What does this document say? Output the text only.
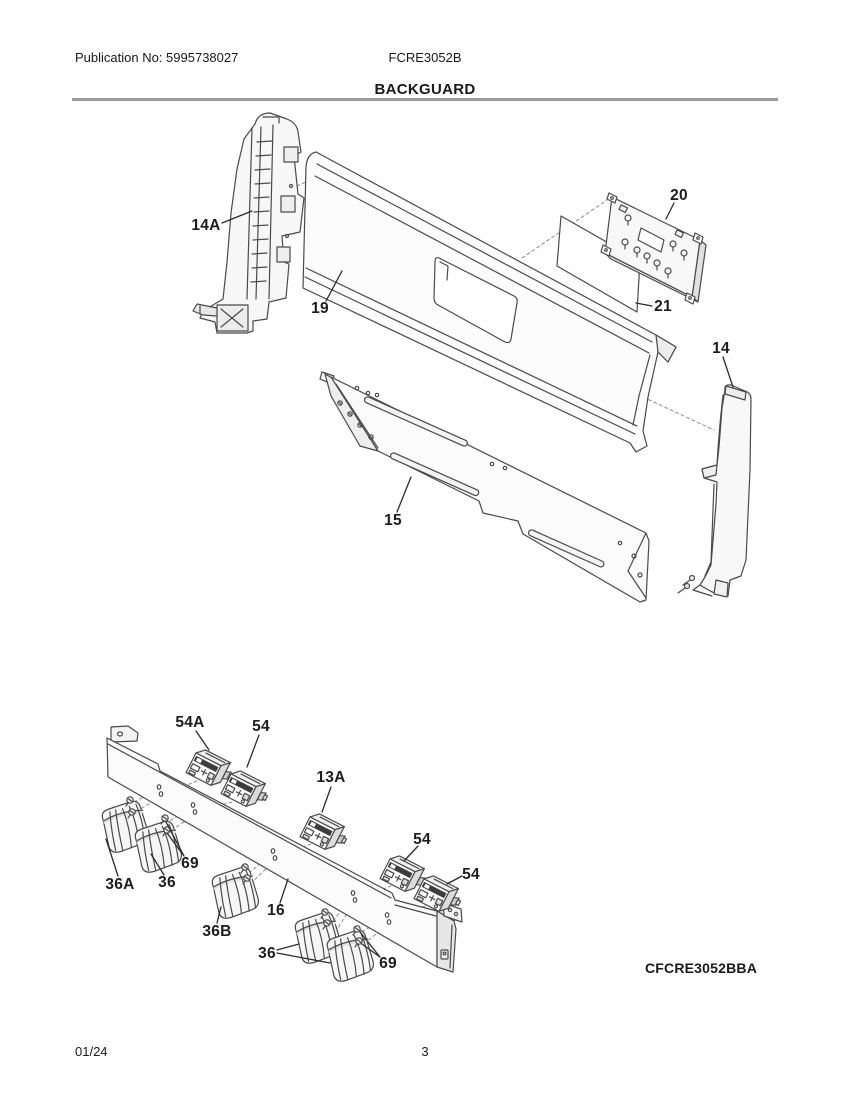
Publication No: 5995738027	FCRE3052B
BACKGUARD
14A
19
20
21
14
15
54A	54
13A
54
54
36A 36
69
36B
16
36
69	CFCRE3052BBA
01/24	3
